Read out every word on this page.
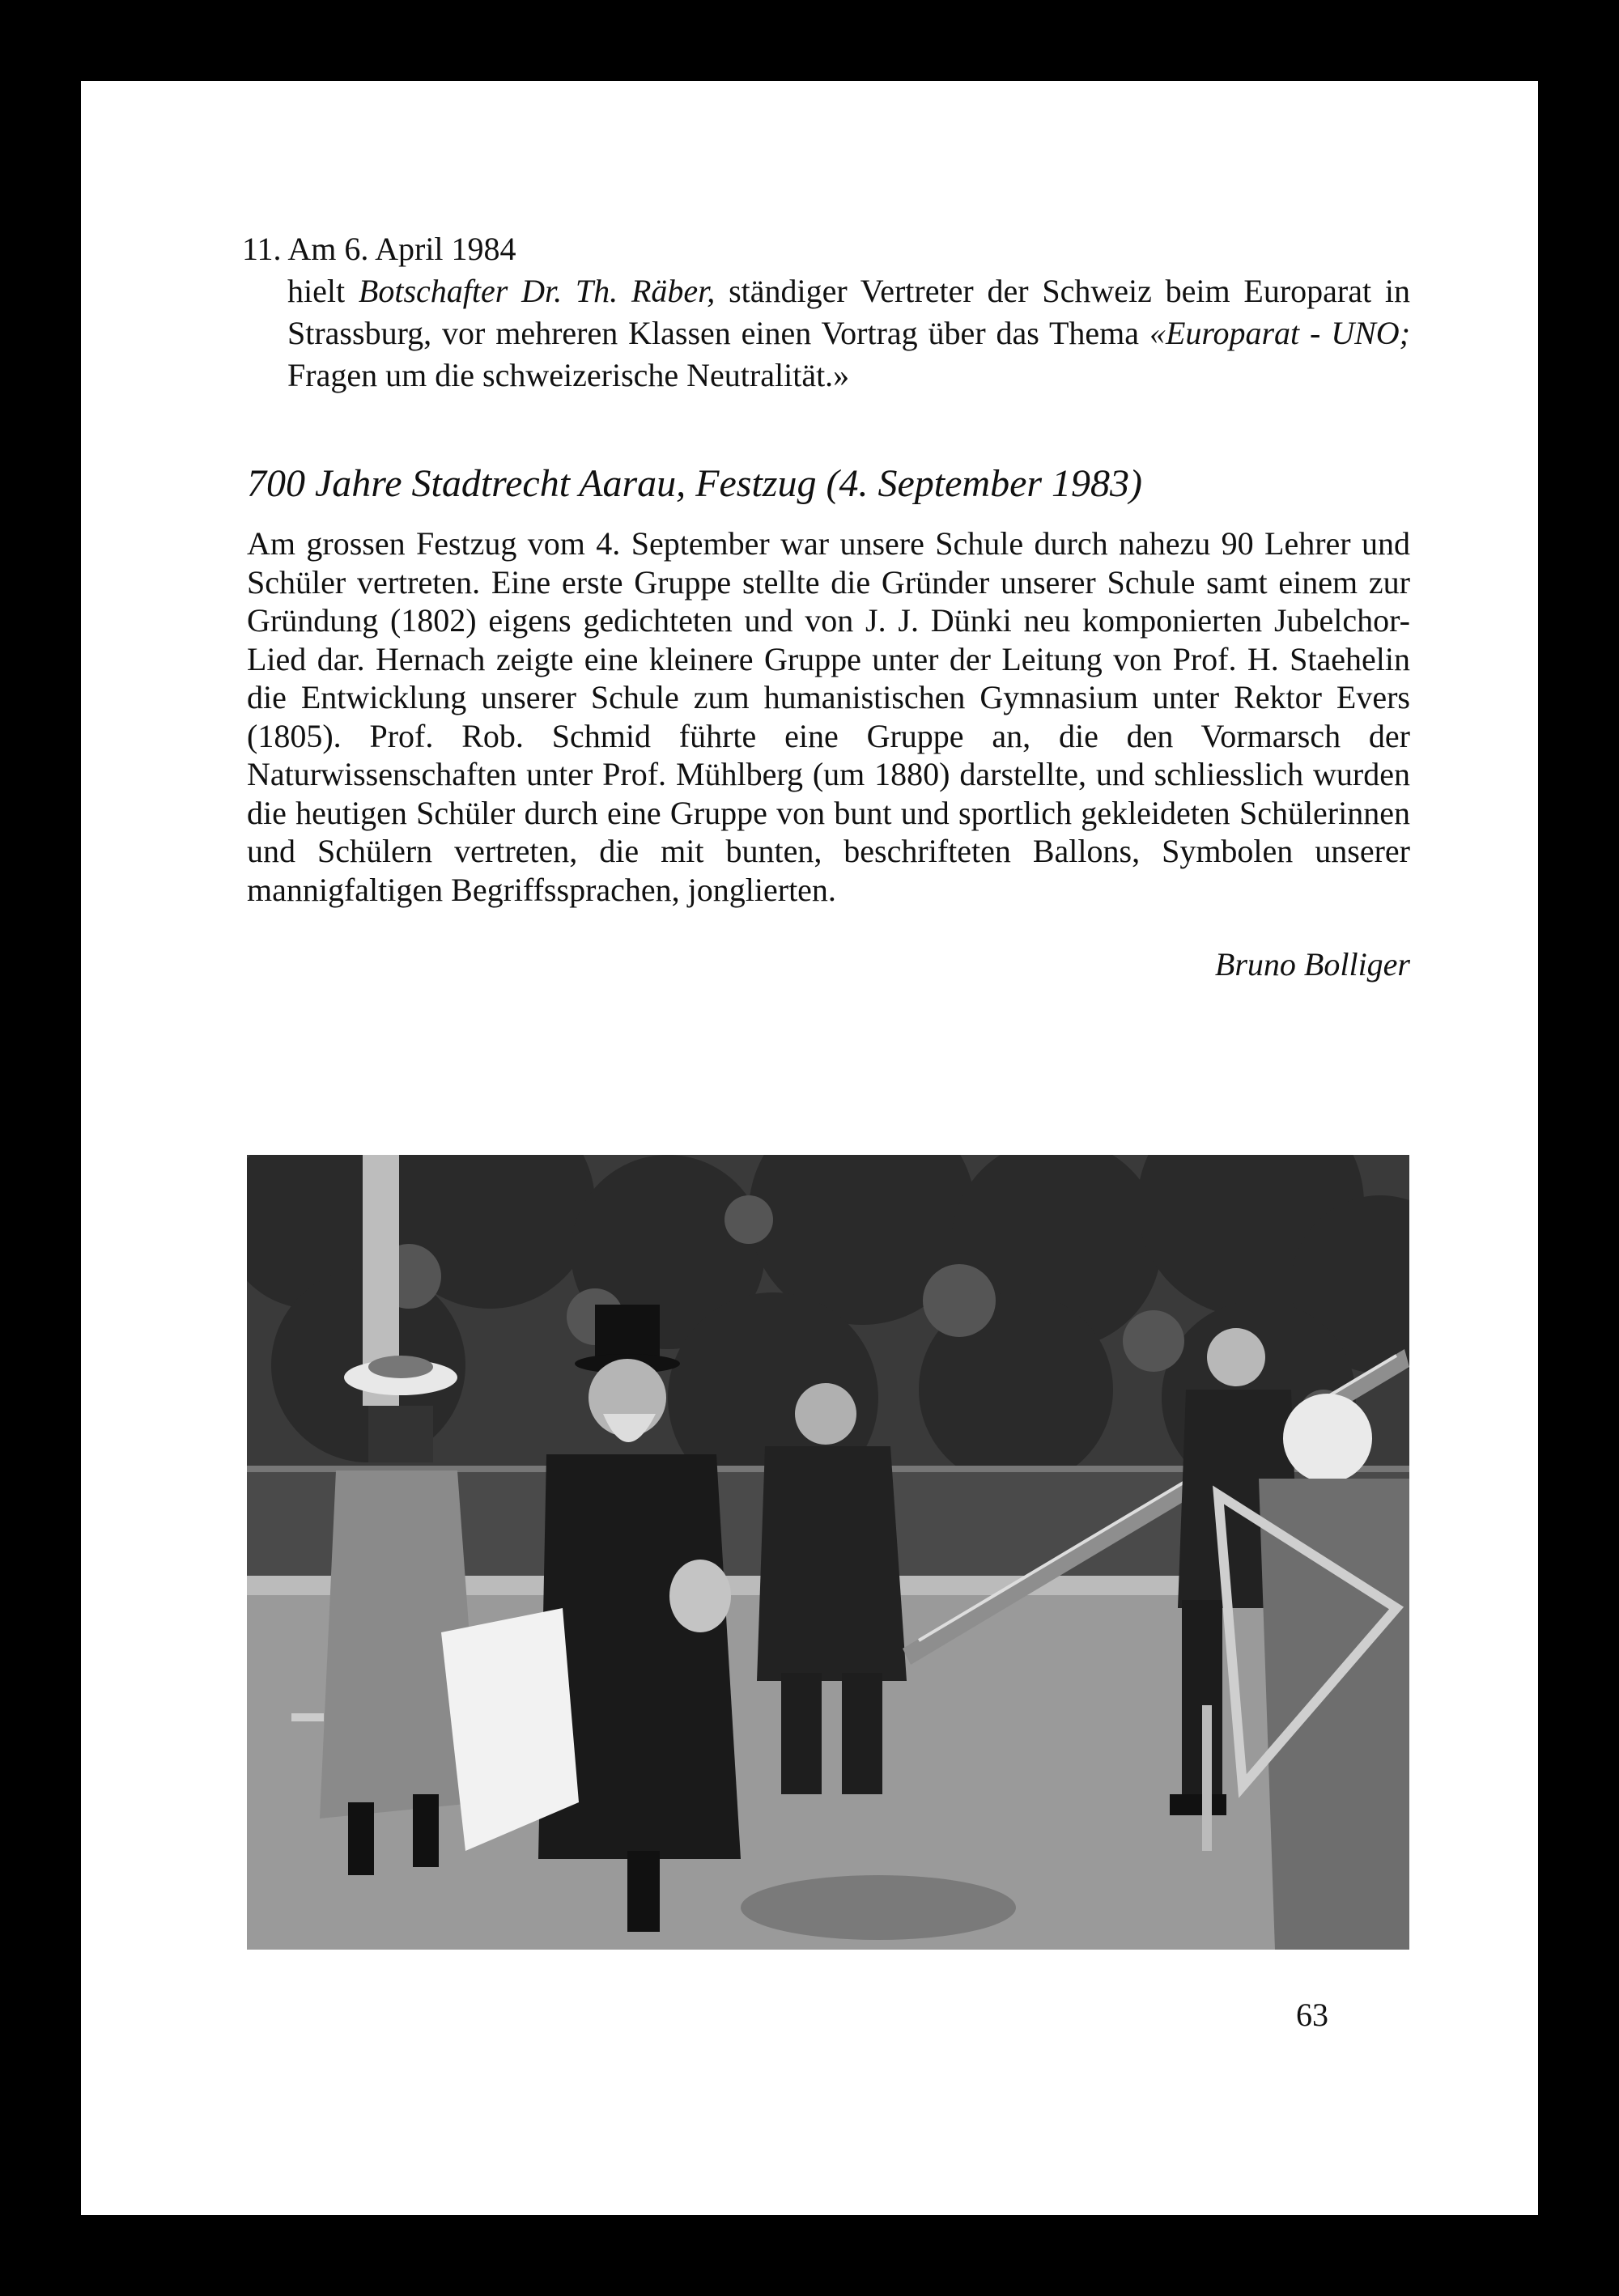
11. Am 6. April 1984
hielt Botschafter Dr. Th. Räber, ständiger Vertreter der Schweiz beim Europarat in Strassburg, vor mehreren Klassen einen Vortrag über das Thema «Europarat - UNO; Fragen um die schweizerische Neutralität.»
700 Jahre Stadtrecht Aarau, Festzug (4. September 1983)
Am grossen Festzug vom 4. September war unsere Schule durch nahezu 90 Lehrer und Schüler vertreten. Eine erste Gruppe stellte die Gründer unserer Schule samt einem zur Gründung (1802) eigens gedichteten und von J. J. Dünki neu komponierten Jubelchor-Lied dar. Hernach zeigte eine kleinere Gruppe unter der Leitung von Prof. H. Staehelin die Entwicklung unserer Schule zum humanistischen Gymnasium unter Rektor Evers (1805). Prof. Rob. Schmid führte eine Gruppe an, die den Vormarsch der Naturwissenschaften unter Prof. Mühlberg (um 1880) darstellte, und schliesslich wurden die heutigen Schüler durch eine Gruppe von bunt und sportlich gekleideten Schülerinnen und Schülern vertreten, die mit bunten, beschrifteten Ballons, Symbolen unserer mannigfaltigen Begriffssprachen, jonglierten.
Bruno Bolliger
63
